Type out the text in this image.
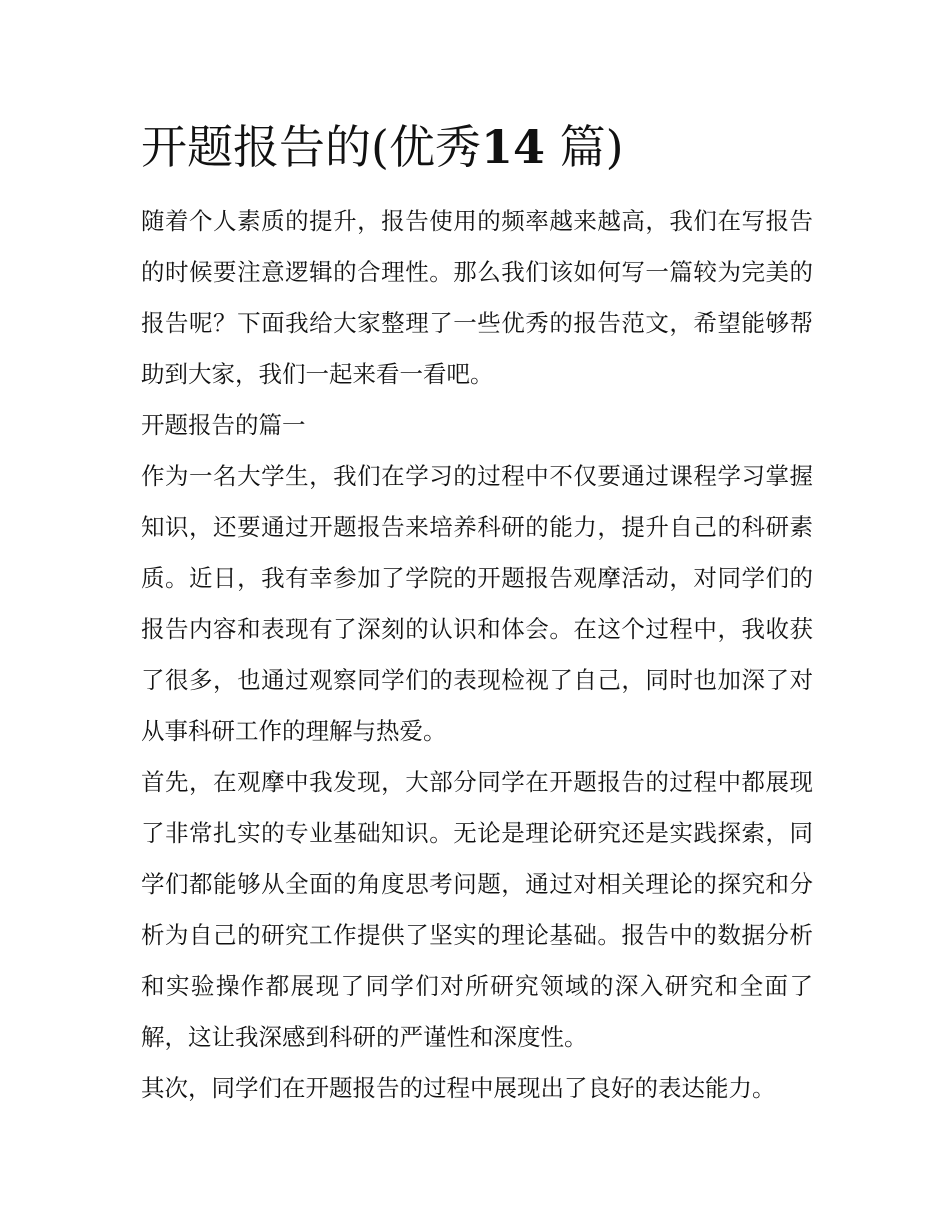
开题报告的(优秀14 篇)

随着个人素质的提升，报告使用的频率越来越高，我们在写报告的时候要注意逻辑的合理性。那么我们该如何写一篇较为完美的报告呢？下面我给大家整理了一些优秀的报告范文，希望能够帮助到大家，我们一起来看一看吧。

开题报告的篇一

作为一名大学生，我们在学习的过程中不仅要通过课程学习掌握知识，还要通过开题报告来培养科研的能力，提升自己的科研素质。近日，我有幸参加了学院的开题报告观摩活动，对同学们的报告内容和表现有了深刻的认识和体会。在这个过程中，我收获了很多，也通过观察同学们的表现检视了自己，同时也加深了对从事科研工作的理解与热爱。

首先，在观摩中我发现，大部分同学在开题报告的过程中都展现了非常扎实的专业基础知识。无论是理论研究还是实践探索，同学们都能够从全面的角度思考问题，通过对相关理论的探究和分析为自己的研究工作提供了坚实的理论基础。报告中的数据分析和实验操作都展现了同学们对所研究领域的深入研究和全面了解，这让我深感到科研的严谨性和深度性。

其次，同学们在开题报告的过程中展现出了良好的表达能力。
